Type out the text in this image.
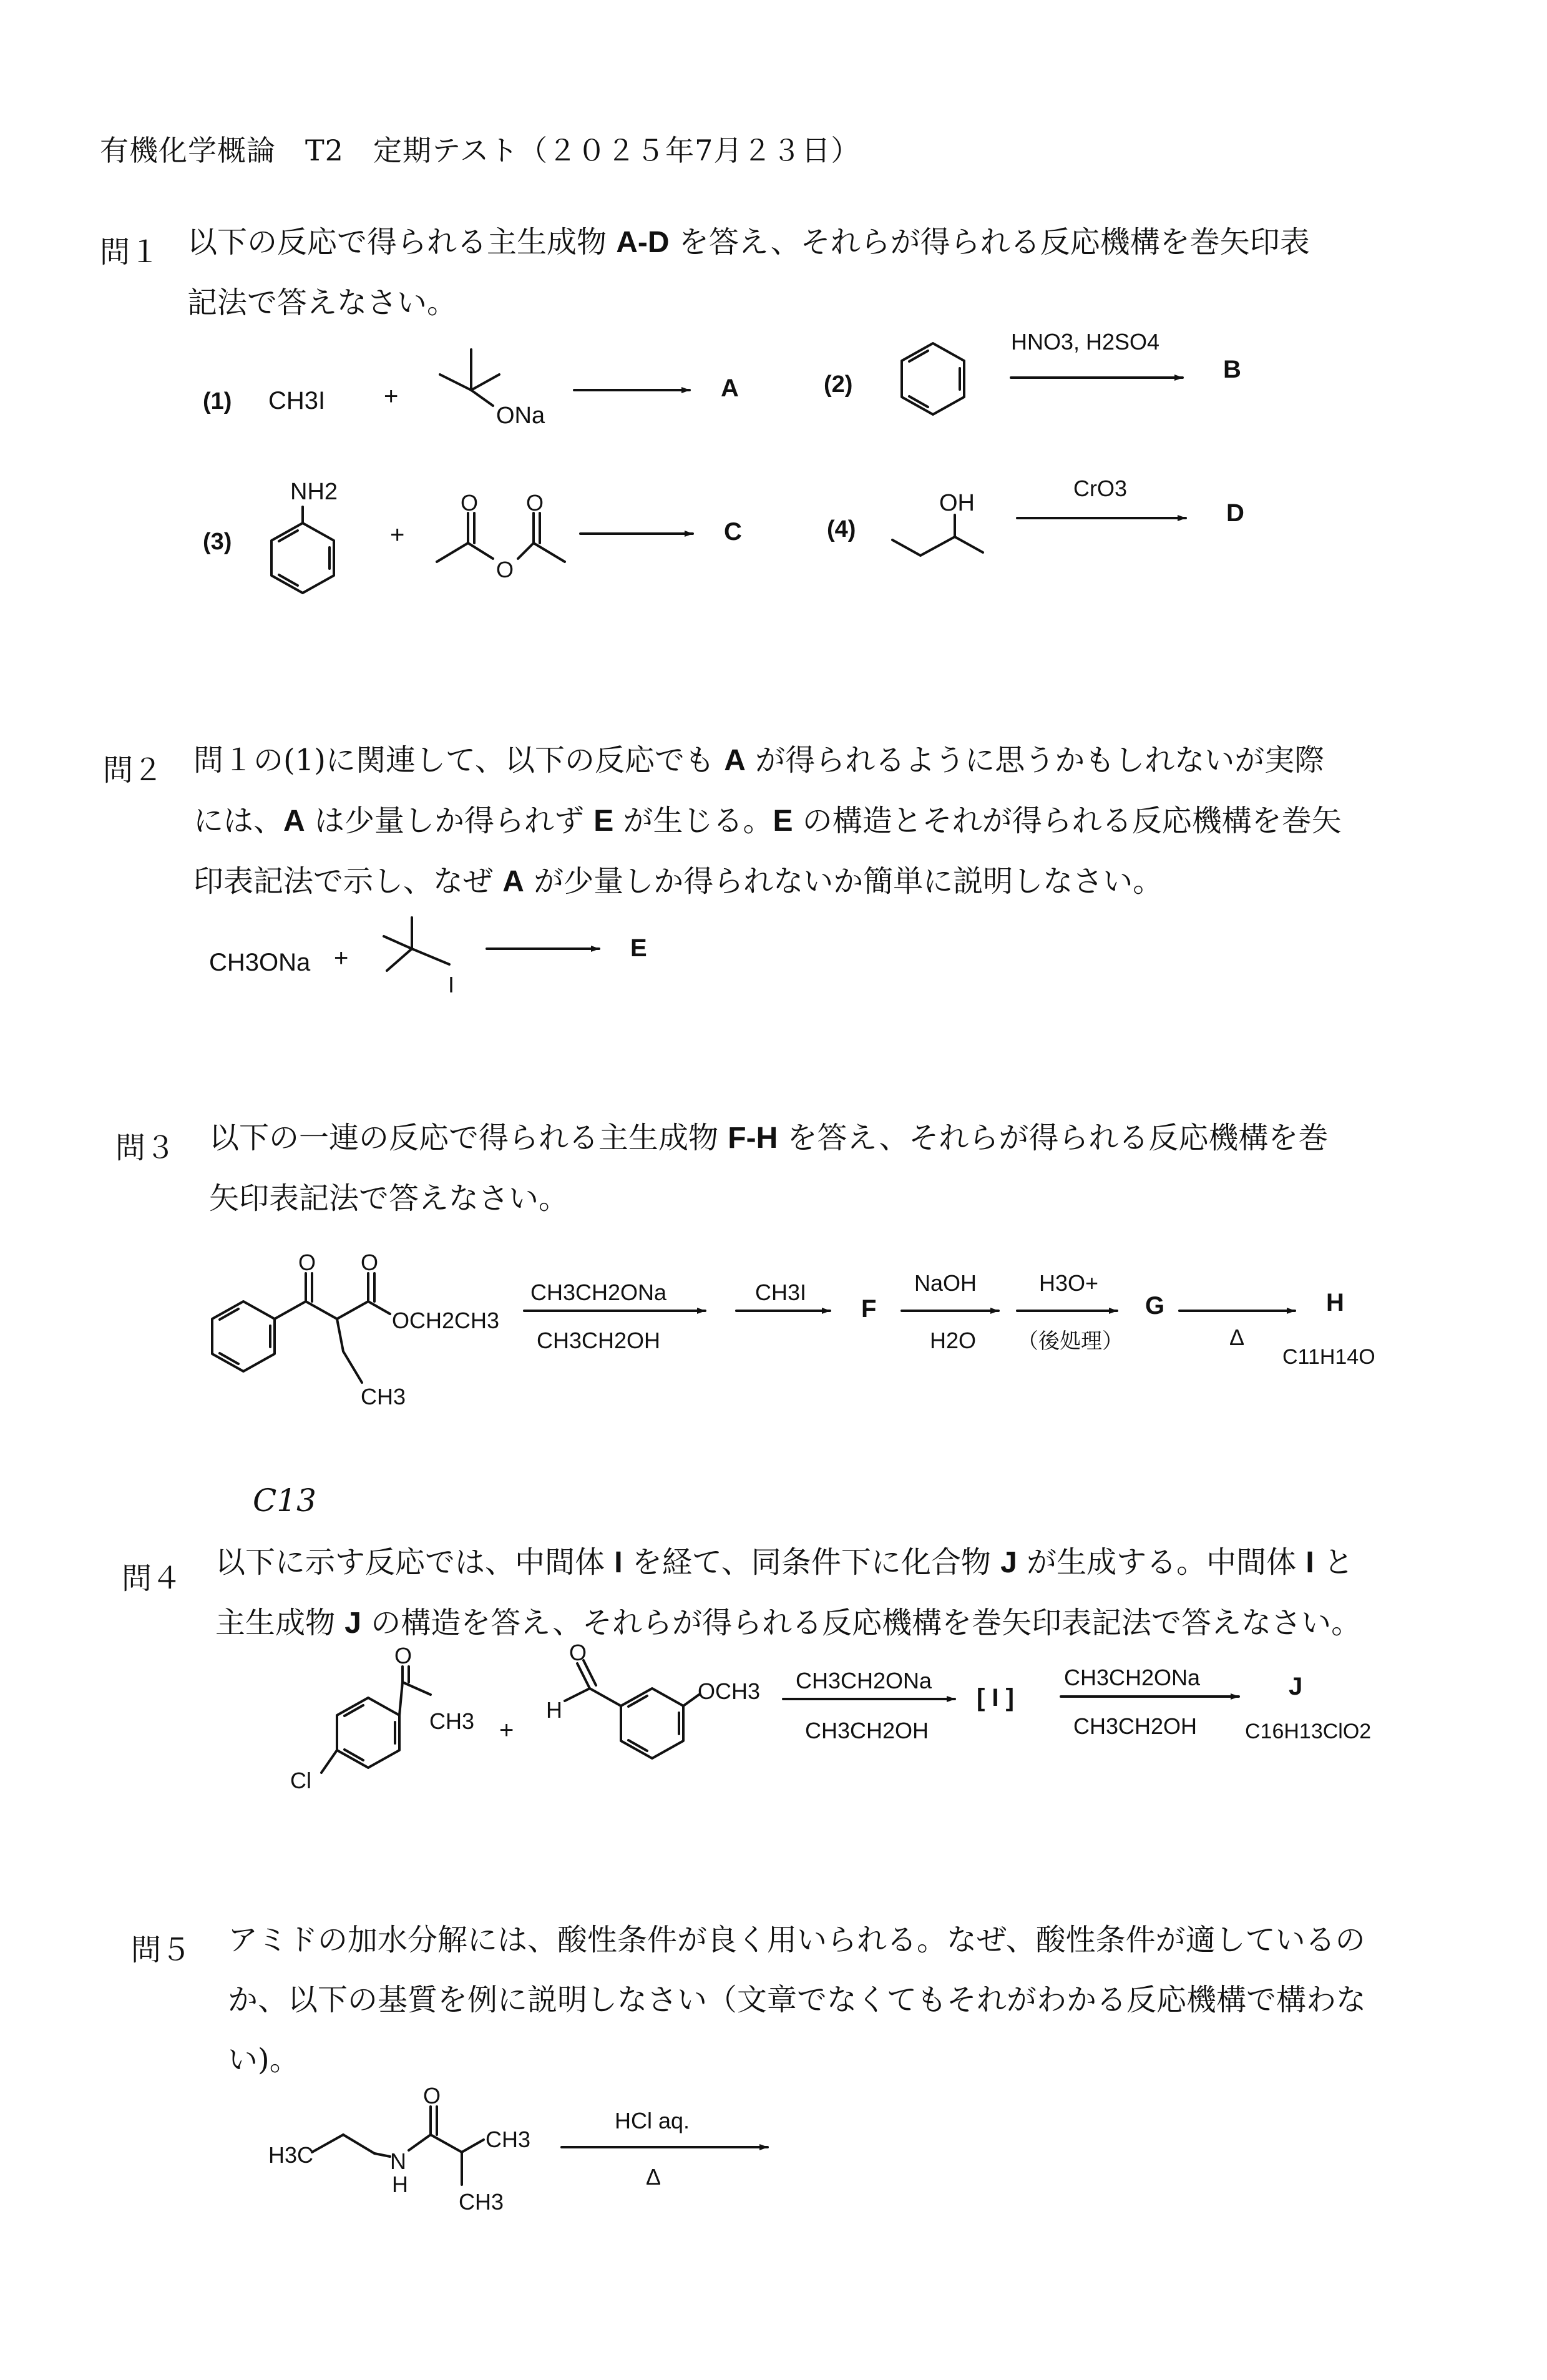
有機化学概論　T2　定期テスト（２０２５年7月２３日）
問１ 以下の反応で得られる主生成物 A-D を答え、それらが得られる反応機構を巻矢印表
記法で答えなさい。
問２ 問１の(1)に関連して、以下の反応でも A が得られるように思うかもしれないが実際
には、A は少量しか得られず E が生じる。E の構造とそれが得られる反応機構を巻矢
印表記法で示し、なぜ A が少量しか得られないか簡単に説明しなさい。
問３ 以下の一連の反応で得られる主生成物 F-H を答え、それらが得られる反応機構を巻
矢印表記法で答えなさい。
C13
問４ 以下に示す反応では、中間体 I を経て、同条件下に化合物 J が生成する。中間体 I と
主生成物 J の構造を答え、それらが得られる反応機構を巻矢印表記法で答えなさい。
問５ アミドの加水分解には、酸性条件が良く用いられる。なぜ、酸性条件が適しているの
か、以下の基質を例に説明しなさい（文章でなくてもそれがわかる反応機構で構わな
い)。
(1) CH3I +
ONa
A	(2)
HNO3, H2SO4
B
(3)
NH2
+
O O
O
C	(4)
OH
CrO3
D
CH3ONa +
I
E
O O
OCH2CH3
CH3
CH3CH2ONa
CH3CH2OH
CH3I
F
NaOH
H2O
H3O+
（後処理）
G
Δ
H
C11H14O
O
CH3
Cl
+
O
H
OCH3 CH3CH2ONa
CH3CH2OH
[ I ]
CH3CH2ONa
CH3CH2OH
J
C16H13ClO2
H3C
O
N
H
CH3
CH3
HCl aq.
Δ
